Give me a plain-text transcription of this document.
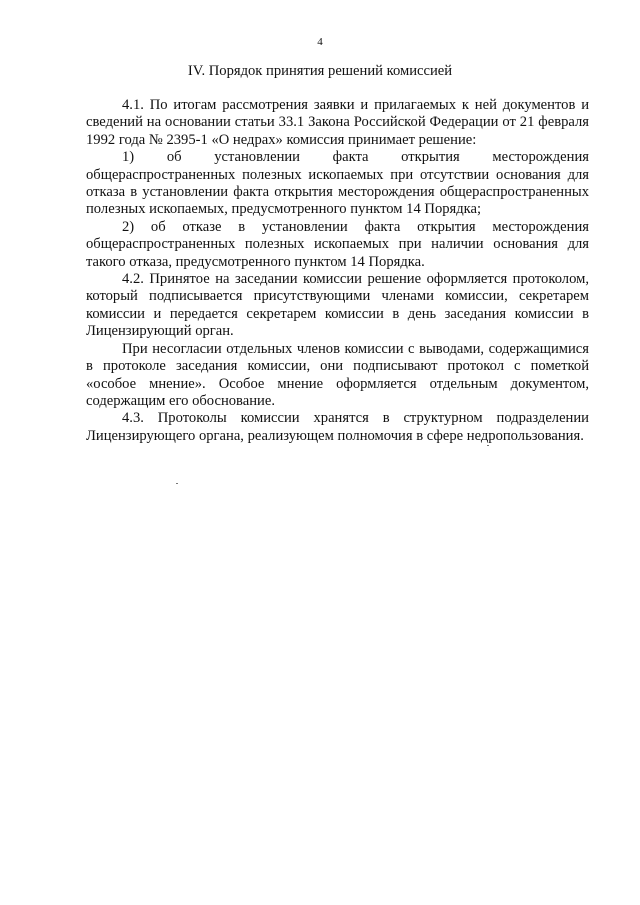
4
IV. Порядок принятия решений комиссией

4.1. По итогам рассмотрения заявки и прилагаемых к ней документов и сведений на основании статьи 33.1 Закона Российской Федерации от 21 февраля 1992 года № 2395-1 «О недрах» комиссия принимает решение:

1) об установлении факта открытия месторождения общераспространенных полезных ископаемых при отсутствии основания для отказа в установлении факта открытия месторождения общераспространенных полезных ископаемых, предусмотренного пунктом 14 Порядка;

2) об отказе в установлении факта открытия месторождения общераспространенных полезных ископаемых при наличии основания для такого отказа, предусмотренного пунктом 14 Порядка.

4.2. Принятое на заседании комиссии решение оформляется протоколом, который подписывается присутствующими членами комиссии, секретарем комиссии и передается секретарем комиссии в день заседания комиссии в Лицензирующий орган.

При несогласии отдельных членов комиссии с выводами, содержащимися в протоколе заседания комиссии, они подписывают протокол с пометкой «особое мнение». Особое мнение оформляется отдельным документом, содержащим его обоснование.

4.3. Протоколы комиссии хранятся в структурном подразделении Лицензирующего органа, реализующем полномочия в сфере недропользования.
